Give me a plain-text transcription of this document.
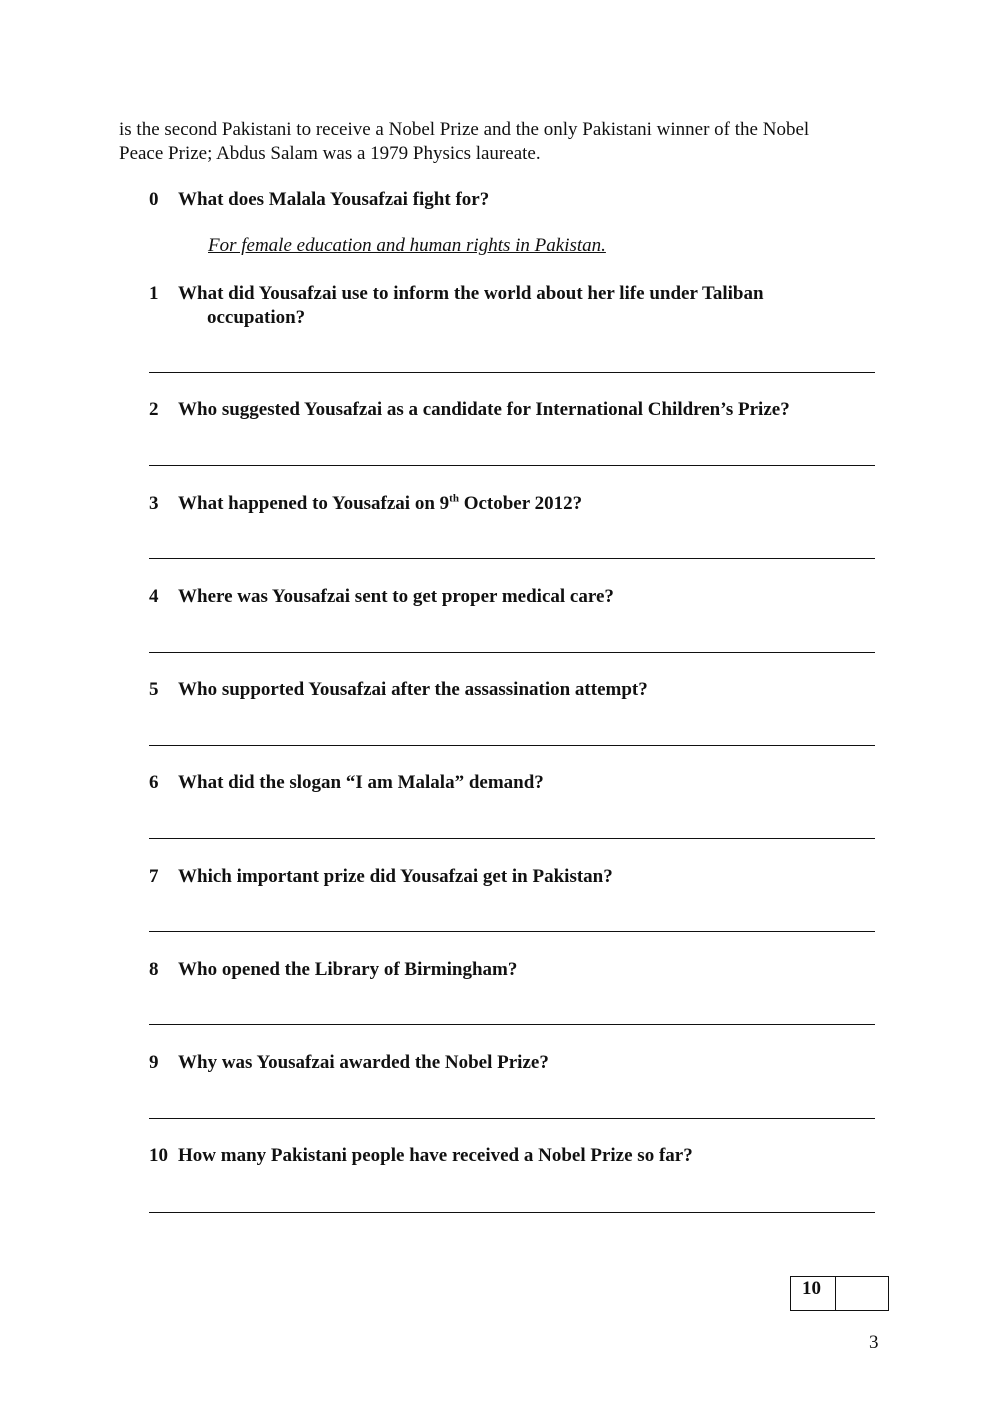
is the second Pakistani to receive a Nobel Prize and the only Pakistani winner of the Nobel
Peace Prize; Abdus Salam was a 1979 Physics laureate.
0 What does Malala Yousafzai fight for?
For female education and human rights in Pakistan.
1 What did Yousafzai use to inform the world about her life under Taliban
occupation?
2 Who suggested Yousafzai as a candidate for International Children’s Prize?
3 What happened to Yousafzai on 9th October 2012?
4 Where was Yousafzai sent to get proper medical care?
5 Who supported Yousafzai after the assassination attempt?
6 What did the slogan “I am Malala” demand?
7 Which important prize did Yousafzai get in Pakistan?
8 Who opened the Library of Birmingham?
9 Why was Yousafzai awarded the Nobel Prize?
10 How many Pakistani people have received a Nobel Prize so far?
10
3
